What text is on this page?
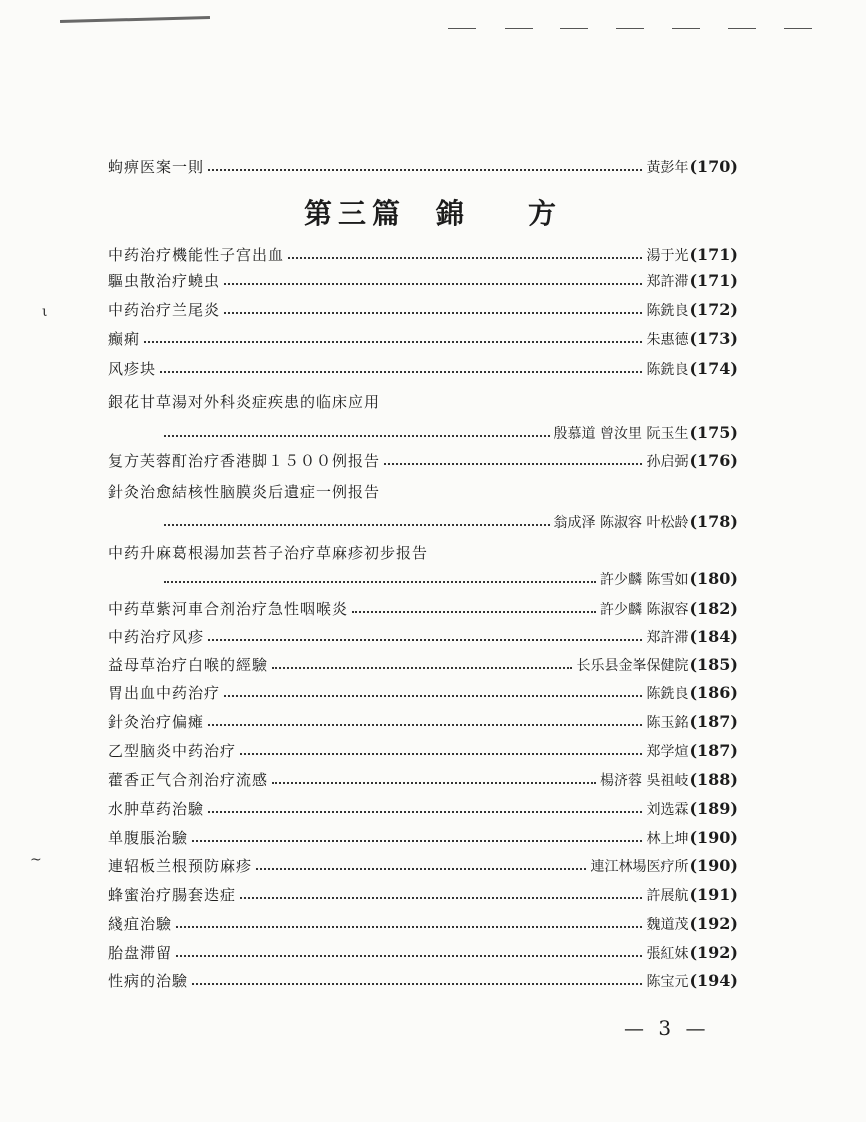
蚼痹医案一則	黃彭年 (170)
第三篇 錦 方
中药治疗機能性子宫出血	湯于光 (171)
驅虫散治疗蟯虫	郑許滞 (171)
中药治疗兰尾炎	陈銑良 (172)
癫痢	朱惠德 (173)
风疹块	陈銑良 (174)
銀花甘草湯对外科炎症疾患的临床应用
殷慕道 曾汝里 阮玉生 (175)
复方芙蓉酊治疗香港脚１５００例报告	孙启弼 (176)
針灸治愈結核性脑膜炎后遺症一例报告
翁成泽 陈淑容 叶松龄 (178)
中药升麻葛根湯加芸苔子治疗草麻疹初步报告
許少麟 陈雪如 (180)
中药草紫河車合剂治疗急性咽喉炎	許少麟 陈淑容 (182)
中药治疗风疹	郑許滞 (184)
益母草治疗白喉的經驗	长乐县金峯保健院 (185)
胃出血中药治疗	陈銑良 (186)
針灸治疗偏瘫	陈玉銘 (187)
乙型脑炎中药治疗	郑学煊 (187)
藿香正气合剂治疗流感	楊济蓉 吳祖岐 (188)
水肿草药治驗	刘选霖 (189)
单腹脹治驗	林上坤 (190)
連轺板兰根预防麻疹	連江林場医疗所 (190)
蜂蜜治疗腸套迭症	許展航 (191)
綫疽治驗	魏道茂 (192)
胎盘滞留	張紅妹 (192)
性病的治驗	陈宝元 (194)
— 3 —
ι
~
